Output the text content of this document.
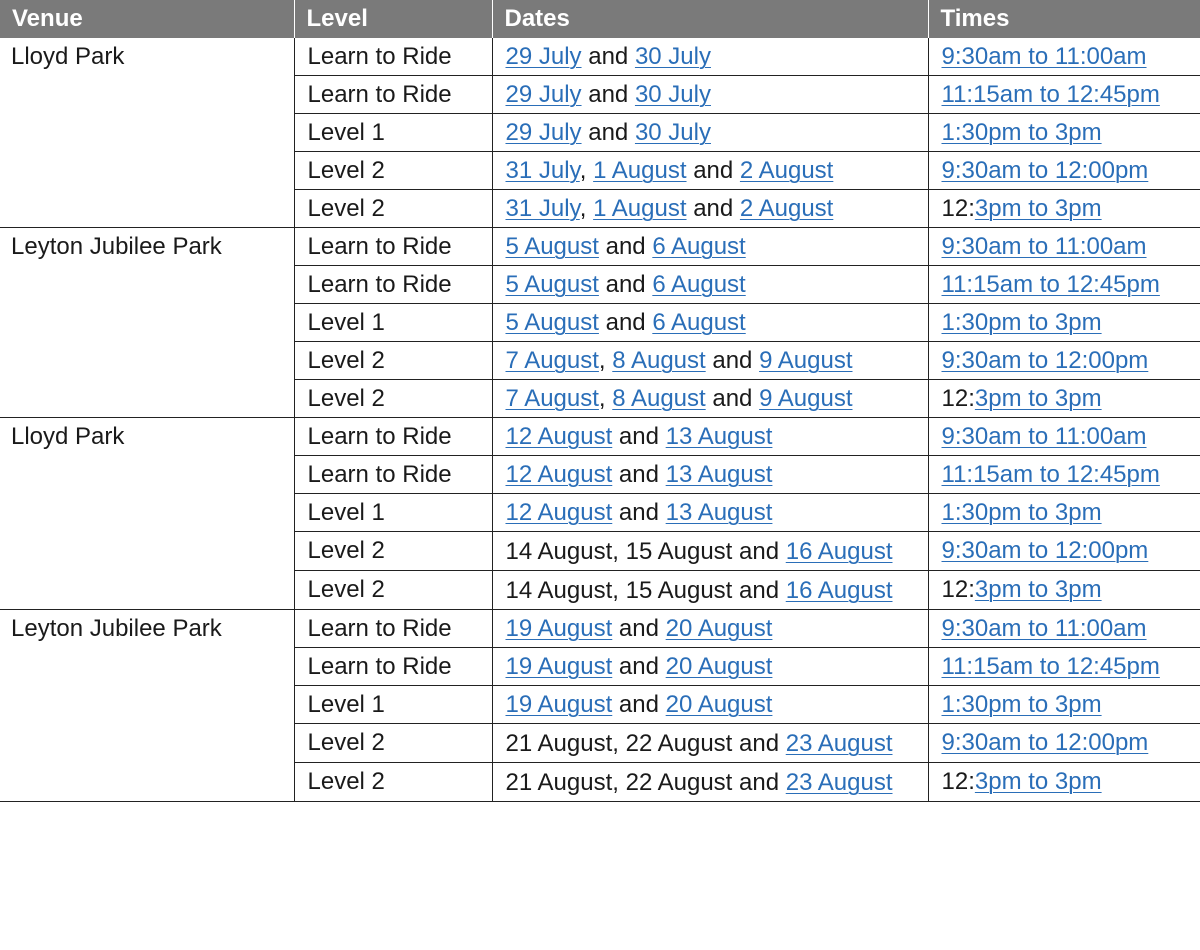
Venue	Level	Dates	Times
Lloyd Park	Learn to Ride	29 July and 30 July	9:30am to 11:00am
	Learn to Ride	29 July and 30 July	11:15am to 12:45pm
	Level 1	29 July and 30 July	1:30pm to 3pm
	Level 2	31 July, 1 August and 2 August	9:30am to 12:00pm
	Level 2	31 July, 1 August and 2 August	12:3pm to 3pm
Leyton Jubilee Park	Learn to Ride	5 August and 6 August	9:30am to 11:00am
	Learn to Ride	5 August and 6 August	11:15am to 12:45pm
	Level 1	5 August and 6 August	1:30pm to 3pm
	Level 2	7 August, 8 August and 9 August	9:30am to 12:00pm
	Level 2	7 August, 8 August and 9 August	12:3pm to 3pm
Lloyd Park	Learn to Ride	12 August and 13 August	9:30am to 11:00am
	Learn to Ride	12 August and 13 August	11:15am to 12:45pm
	Level 1	12 August and 13 August	1:30pm to 3pm
	Level 2	14 August, 15 August and 16 August	9:30am to 12:00pm
	Level 2	14 August, 15 August and 16 August	12:3pm to 3pm
Leyton Jubilee Park	Learn to Ride	19 August and 20 August	9:30am to 11:00am
	Learn to Ride	19 August and 20 August	11:15am to 12:45pm
	Level 1	19 August and 20 August	1:30pm to 3pm
	Level 2	21 August, 22 August and 23 August	9:30am to 12:00pm
	Level 2	21 August, 22 August and 23 August	12:3pm to 3pm
